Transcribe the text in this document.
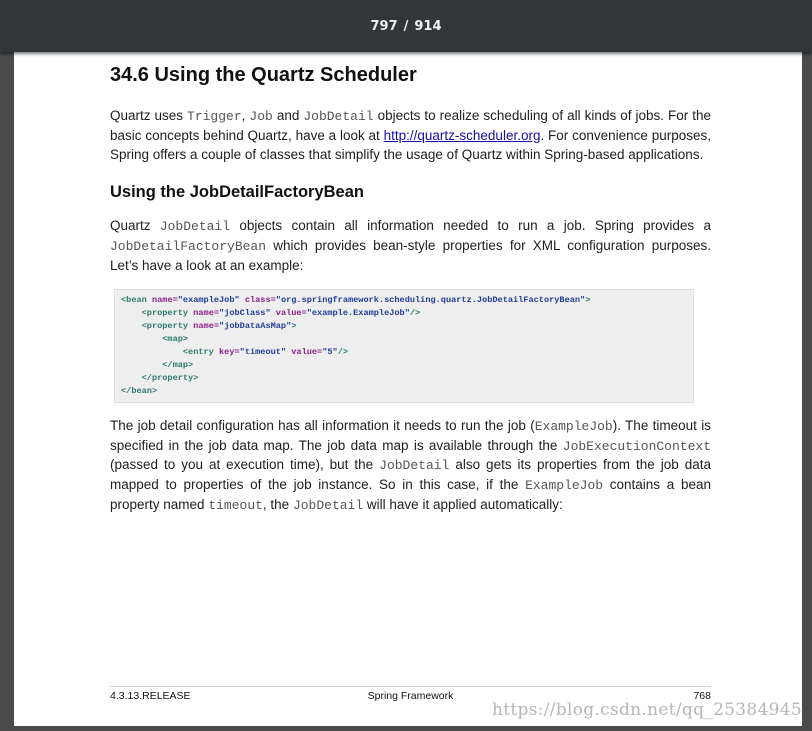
797 / 914
34.6 Using the Quartz Scheduler

Quartz uses Trigger, Job and JobDetail objects to realize scheduling of all kinds of jobs. For the basic concepts behind Quartz, have a look at http://quartz-scheduler.org. For convenience purposes, Spring offers a couple of classes that simplify the usage of Quartz within Spring-based applications.

Using the JobDetailFactoryBean

Quartz JobDetail objects contain all information needed to run a job. Spring provides a JobDetailFactoryBean which provides bean-style properties for XML configuration purposes. Let’s have a look at an example:

<bean name="exampleJob" class="org.springframework.scheduling.quartz.JobDetailFactoryBean">
<property name="jobClass" value="example.ExampleJob"/>
<property name="jobDataAsMap">
<map>
<entry key="timeout" value="5"/>
</map>
</property>
</bean>

The job detail configuration has all information it needs to run the job (ExampleJob). The timeout is specified in the job data map. The job data map is available through the JobExecutionContext (passed to you at execution time), but the JobDetail also gets its properties from the job data mapped to properties of the job instance. So in this case, if the ExampleJob contains a bean property named timeout, the JobDetail will have it applied automatically:

4.3.13.RELEASE	Spring Framework	768
https://blog.csdn.net/qq_25384945
